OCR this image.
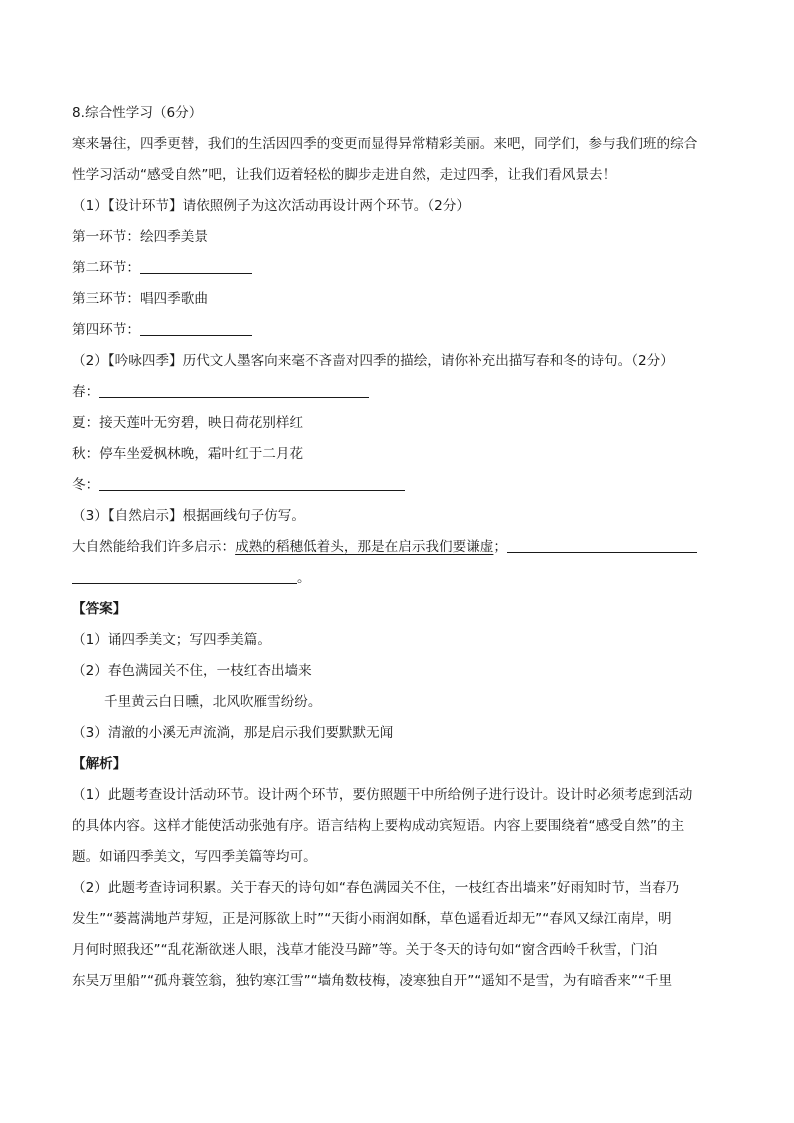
8.综合性学习（6分）
寒来暑往，四季更替，我们的生活因四季的变更而显得异常精彩美丽。来吧，同学们，参与我们班的综合
性学习活动“感受自然”吧，让我们迈着轻松的脚步走进自然，走过四季，让我们看风景去！
（1）【设计环节】请依照例子为这次活动再设计两个环节。（2分）
第一环节：绘四季美景
第二环节：
第三环节：唱四季歌曲
第四环节：
（2）【吟咏四季】历代文人墨客向来毫不吝啬对四季的描绘，请你补充出描写春和冬的诗句。（2分）
春：
夏：接天莲叶无穷碧，映日荷花别样红
秋：停车坐爱枫林晚，霜叶红于二月花
冬：
（3）【自然启示】根据画线句子仿写。
大自然能给我们许多启示：成熟的稻穗低着头，那是在启示我们要谦虚；
。
【答案】
（1）诵四季美文；写四季美篇。
（2）春色满园关不住，一枝红杏出墙来
千里黄云白日曛，北风吹雁雪纷纷。
（3）清澈的小溪无声流淌，那是启示我们要默默无闻
【解析】
（1）此题考查设计活动环节。设计两个环节，要仿照题干中所给例子进行设计。设计时必须考虑到活动
的具体内容。这样才能使活动张弛有序。语言结构上要构成动宾短语。内容上要围绕着“感受自然”的主
题。如诵四季美文，写四季美篇等均可。
（2）此题考查诗词积累。关于春天的诗句如“春色满园关不住，一枝红杏出墙来”好雨知时节，当春乃
发生”“蒌蒿满地芦芽短，正是河豚欲上时”“天街小雨润如酥，草色遥看近却无”“春风又绿江南岸，明
月何时照我还”“乱花渐欲迷人眼，浅草才能没马蹄”等。关于冬天的诗句如“窗含西岭千秋雪，门泊
东吴万里船”“孤舟蓑笠翁，独钓寒江雪”“墙角数枝梅，凌寒独自开”“遥知不是雪，为有暗香来”“千里
